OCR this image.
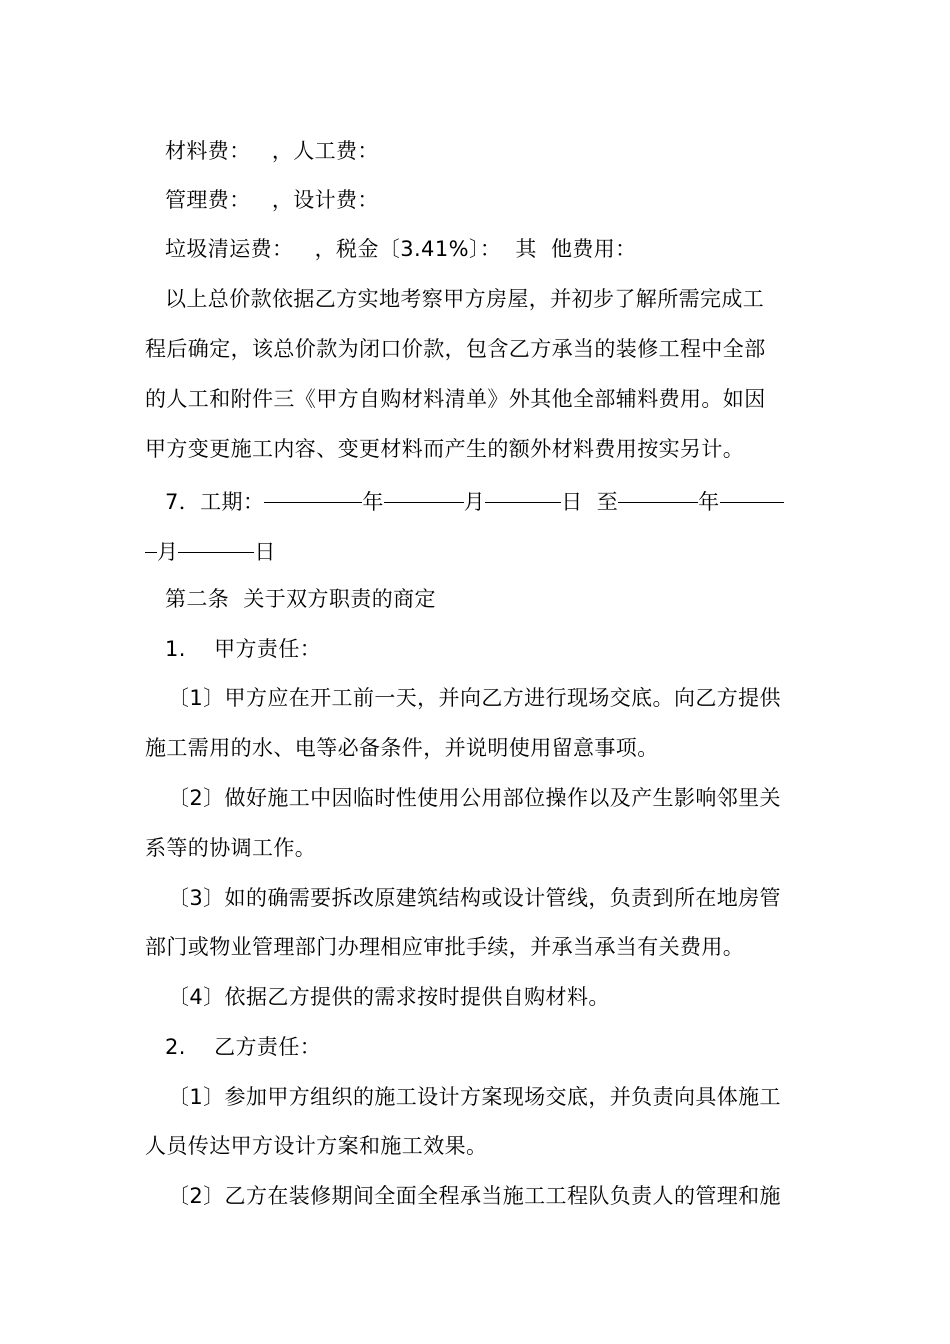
材料费：   ，人工费：
管理费：   ，设计费：
垃圾清运费：   ，税金〔3.41%〕：  其  他费用：
以上总价款依据乙方实地考察甲方房屋，并初步了解所需完成工
程后确定，该总价款为闭口价款，包含乙方承当的装修工程中全部
的人工和附件三《甲方自购材料清单》外其他全部辅料费用。如因
甲方变更施工内容、变更材料而产生的额外材料费用按实另计。
7．工期：	年	月	日 至	年
月	日
第二条  关于双方职责的商定
1.    甲方责任：
〔1〕甲方应在开工前一天，并向乙方进行现场交底。向乙方提供
施工需用的水、电等必备条件，并说明使用留意事项。
〔2〕做好施工中因临时性使用公用部位操作以及产生影响邻里关
系等的协调工作。
〔3〕如的确需要拆改原建筑结构或设计管线，负责到所在地房管
部门或物业管理部门办理相应审批手续，并承当承当有关费用。
〔4〕依据乙方提供的需求按时提供自购材料。
2.    乙方责任：
〔1〕参加甲方组织的施工设计方案现场交底，并负责向具体施工
人员传达甲方设计方案和施工效果。
〔2〕乙方在装修期间全面全程承当施工工程队负责人的管理和施
